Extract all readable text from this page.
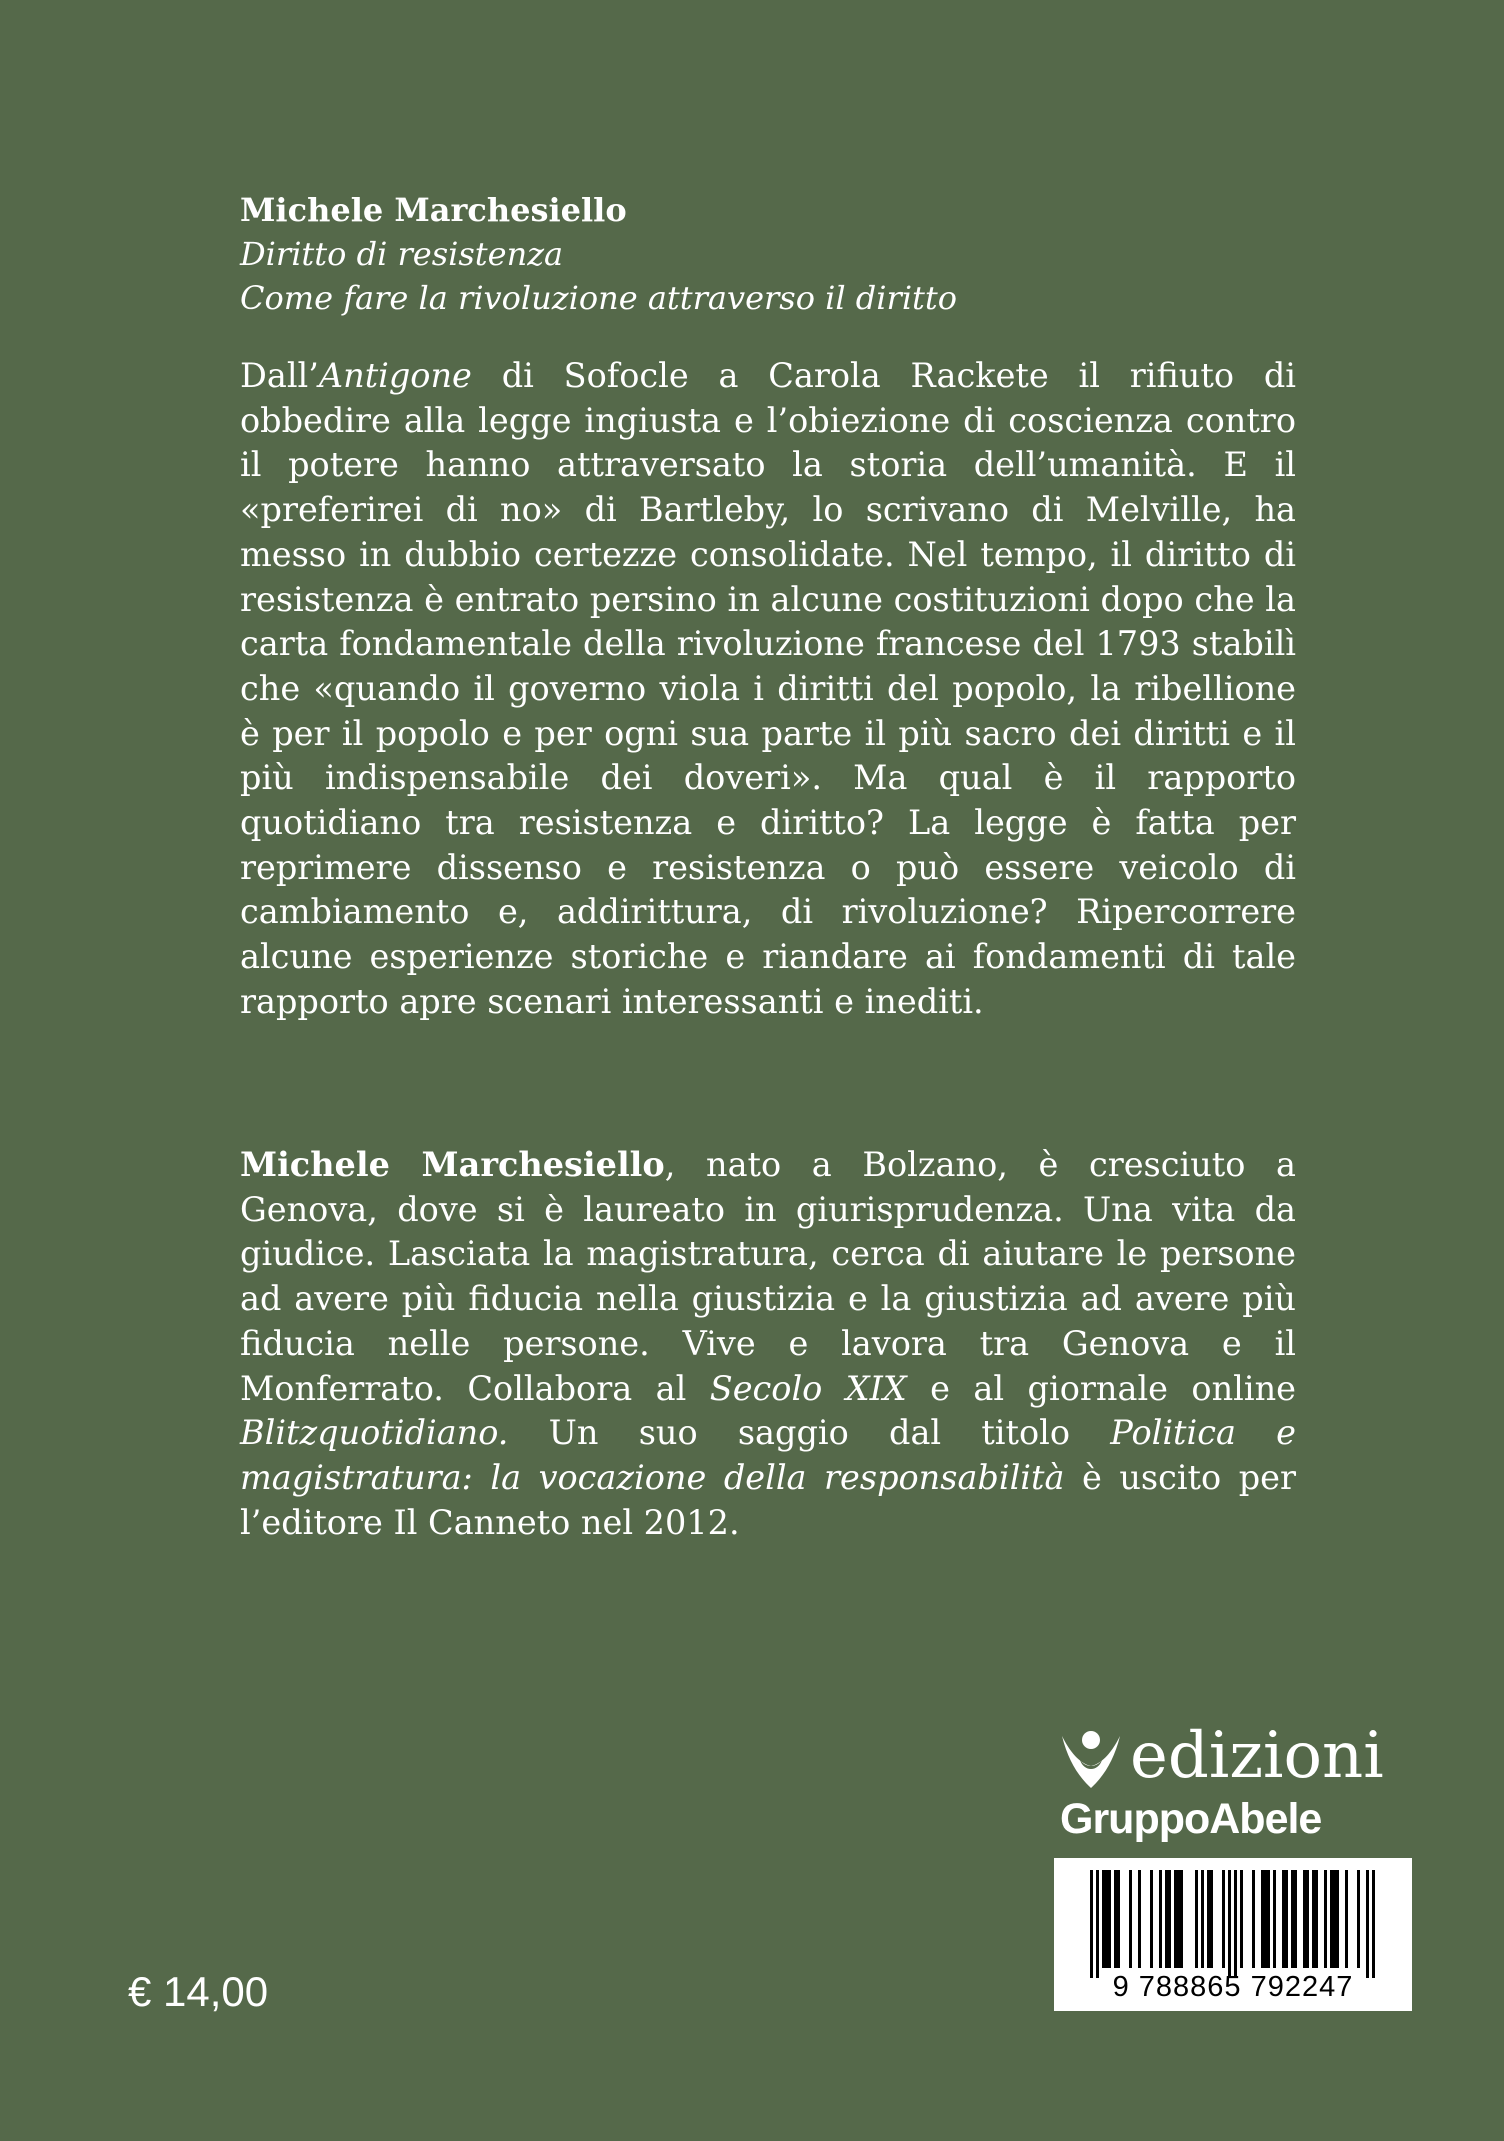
Michele Marchesiello
Diritto di resistenza
Come fare la rivoluzione attraverso il diritto

Dall’Antigone di Sofocle a Carola Rackete il rifiuto di obbedire alla legge ingiusta e l’obiezione di coscienza contro il potere hanno attraversato la storia dell’umanità. E il «preferirei di no» di Bartleby, lo scrivano di Melville, ha messo in dubbio certezze consolidate. Nel tempo, il diritto di resistenza è entrato persino in alcune costituzioni dopo che la carta fondamentale della rivoluzione francese del 1793 stabilì che «quando il governo viola i diritti del popolo, la ribellione è per il popolo e per ogni sua parte il più sacro dei diritti e il più indispensabile dei doveri». Ma qual è il rapporto quotidiano tra resistenza e diritto? La legge è fatta per reprimere dissenso e resistenza o può essere veicolo di cambiamento e, addirittura, di rivoluzione? Ripercorrere alcune esperienze storiche e riandare ai fondamenti di tale rapporto apre scenari interessanti e inediti.

Michele Marchesiello, nato a Bolzano, è cresciuto a Genova, dove si è laureato in giurisprudenza. Una vita da giudice. Lasciata la magistratura, cerca di aiutare le persone ad avere più fiducia nella giustizia e la giustizia ad avere più fiducia nelle persone. Vive e lavora tra Genova e il Monferrato. Collabora al Secolo XIX e al giornale online Blitzquotidiano. Un suo saggio dal titolo Politica e magistratura: la vocazione della responsabilità è uscito per l’editore Il Canneto nel 2012.

edizioni
GruppoAbele
9 788865 792247
€ 14,00
